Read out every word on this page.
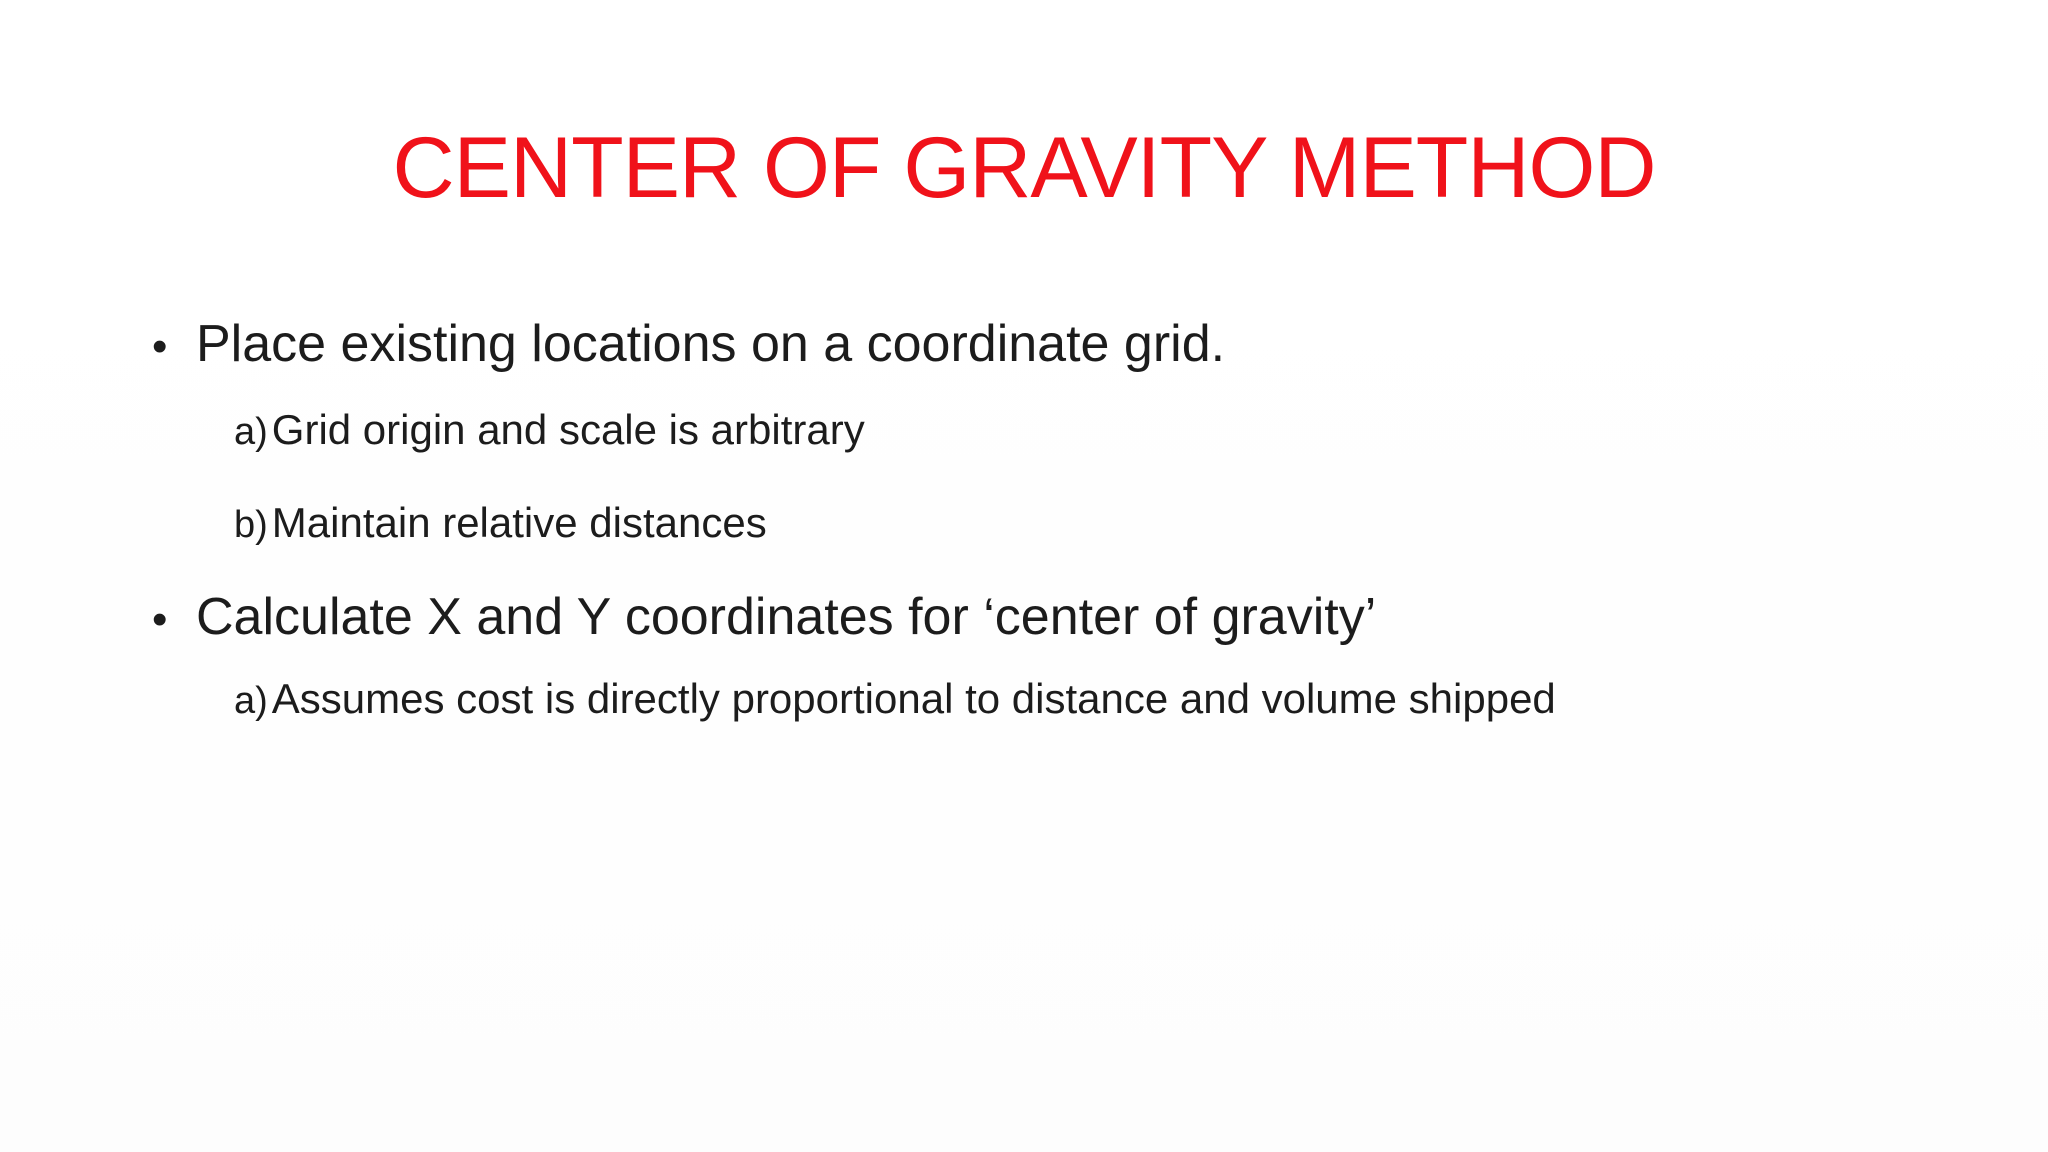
CENTER OF GRAVITY METHOD
• Place existing locations on a coordinate grid.
a) Grid origin and scale is arbitrary
b) Maintain relative distances
• Calculate X and Y coordinates for ‘center of gravity’
a) Assumes cost is directly proportional to distance and volume shipped
